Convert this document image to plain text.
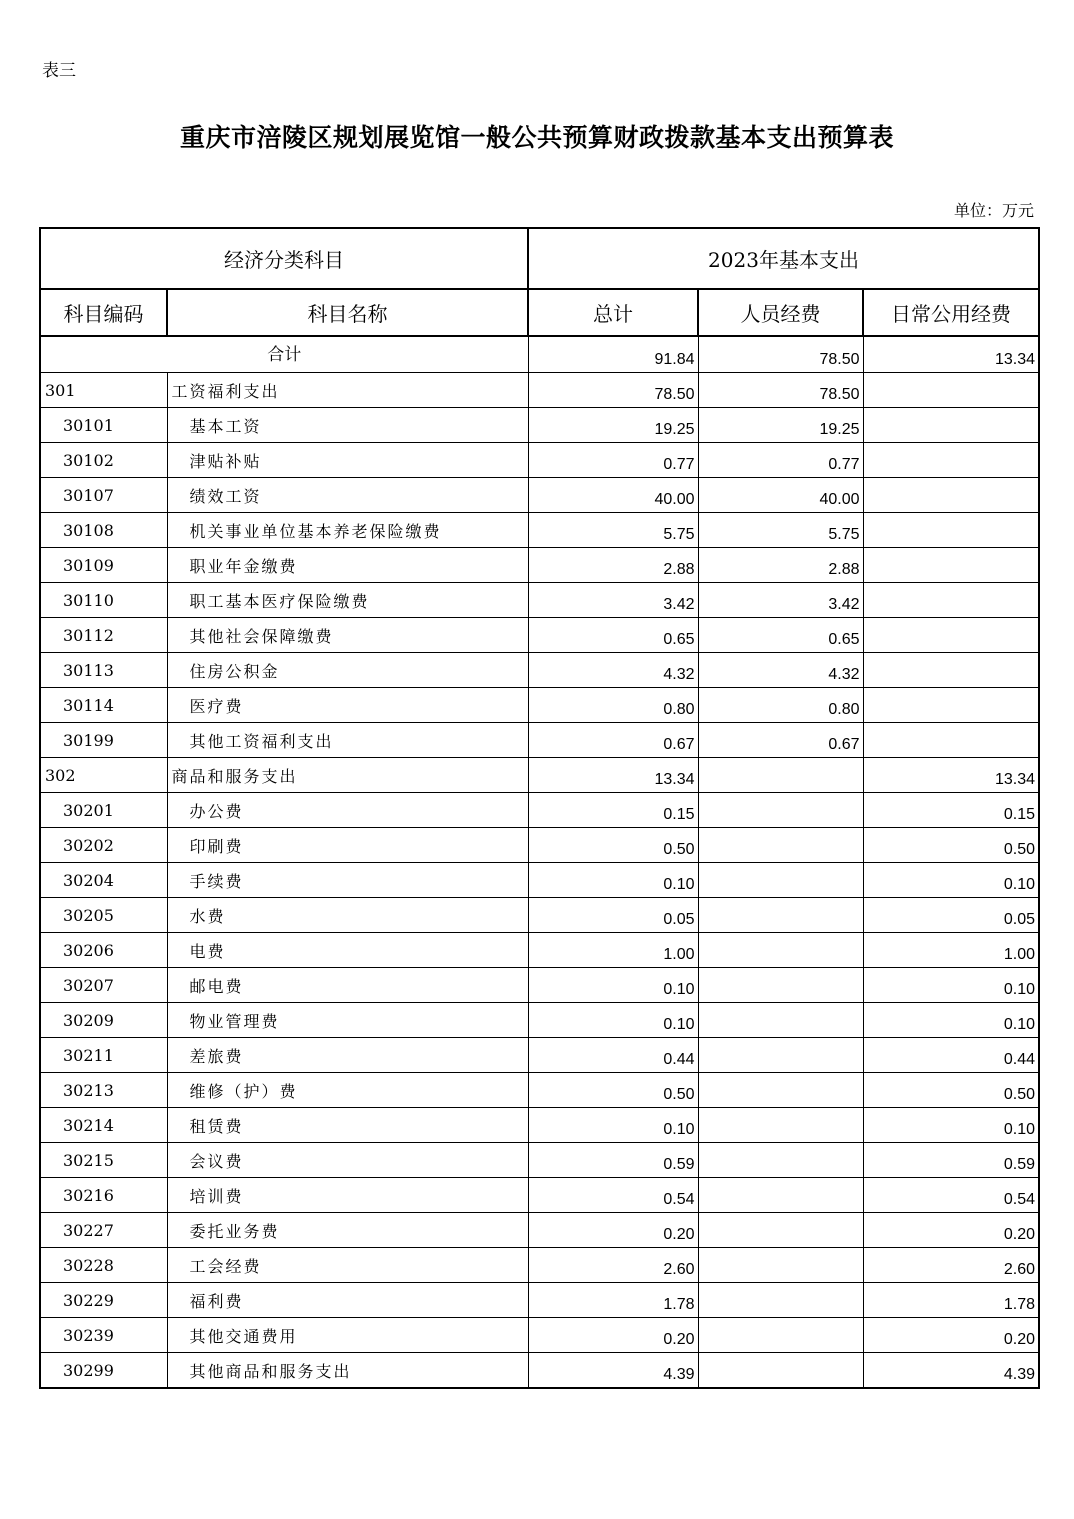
表三
重庆市涪陵区规划展览馆一般公共预算财政拨款基本支出预算表
单位：万元
经济分类科目		2023年基本支出		
科目编码	科目名称	总计	人员经费	日常公用经费
合计		91.84	78.50	13.34
301	工资福利支出	78.50	78.50	
30101	基本工资	19.25	19.25	
30102	津贴补贴	0.77	0.77	
30107	绩效工资	40.00	40.00	
30108	机关事业单位基本养老保险缴费	5.75	5.75	
30109	职业年金缴费	2.88	2.88	
30110	职工基本医疗保险缴费	3.42	3.42	
30112	其他社会保障缴费	0.65	0.65	
30113	住房公积金	4.32	4.32	
30114	医疗费	0.80	0.80	
30199	其他工资福利支出	0.67	0.67	
302	商品和服务支出	13.34		13.34
30201	办公费	0.15		0.15
30202	印刷费	0.50		0.50
30204	手续费	0.10		0.10
30205	水费	0.05		0.05
30206	电费	1.00		1.00
30207	邮电费	0.10		0.10
30209	物业管理费	0.10		0.10
30211	差旅费	0.44		0.44
30213	维修（护）费	0.50		0.50
30214	租赁费	0.10		0.10
30215	会议费	0.59		0.59
30216	培训费	0.54		0.54
30227	委托业务费	0.20		0.20
30228	工会经费	2.60		2.60
30229	福利费	1.78		1.78
30239	其他交通费用	0.20		0.20
30299	其他商品和服务支出	4.39		4.39
